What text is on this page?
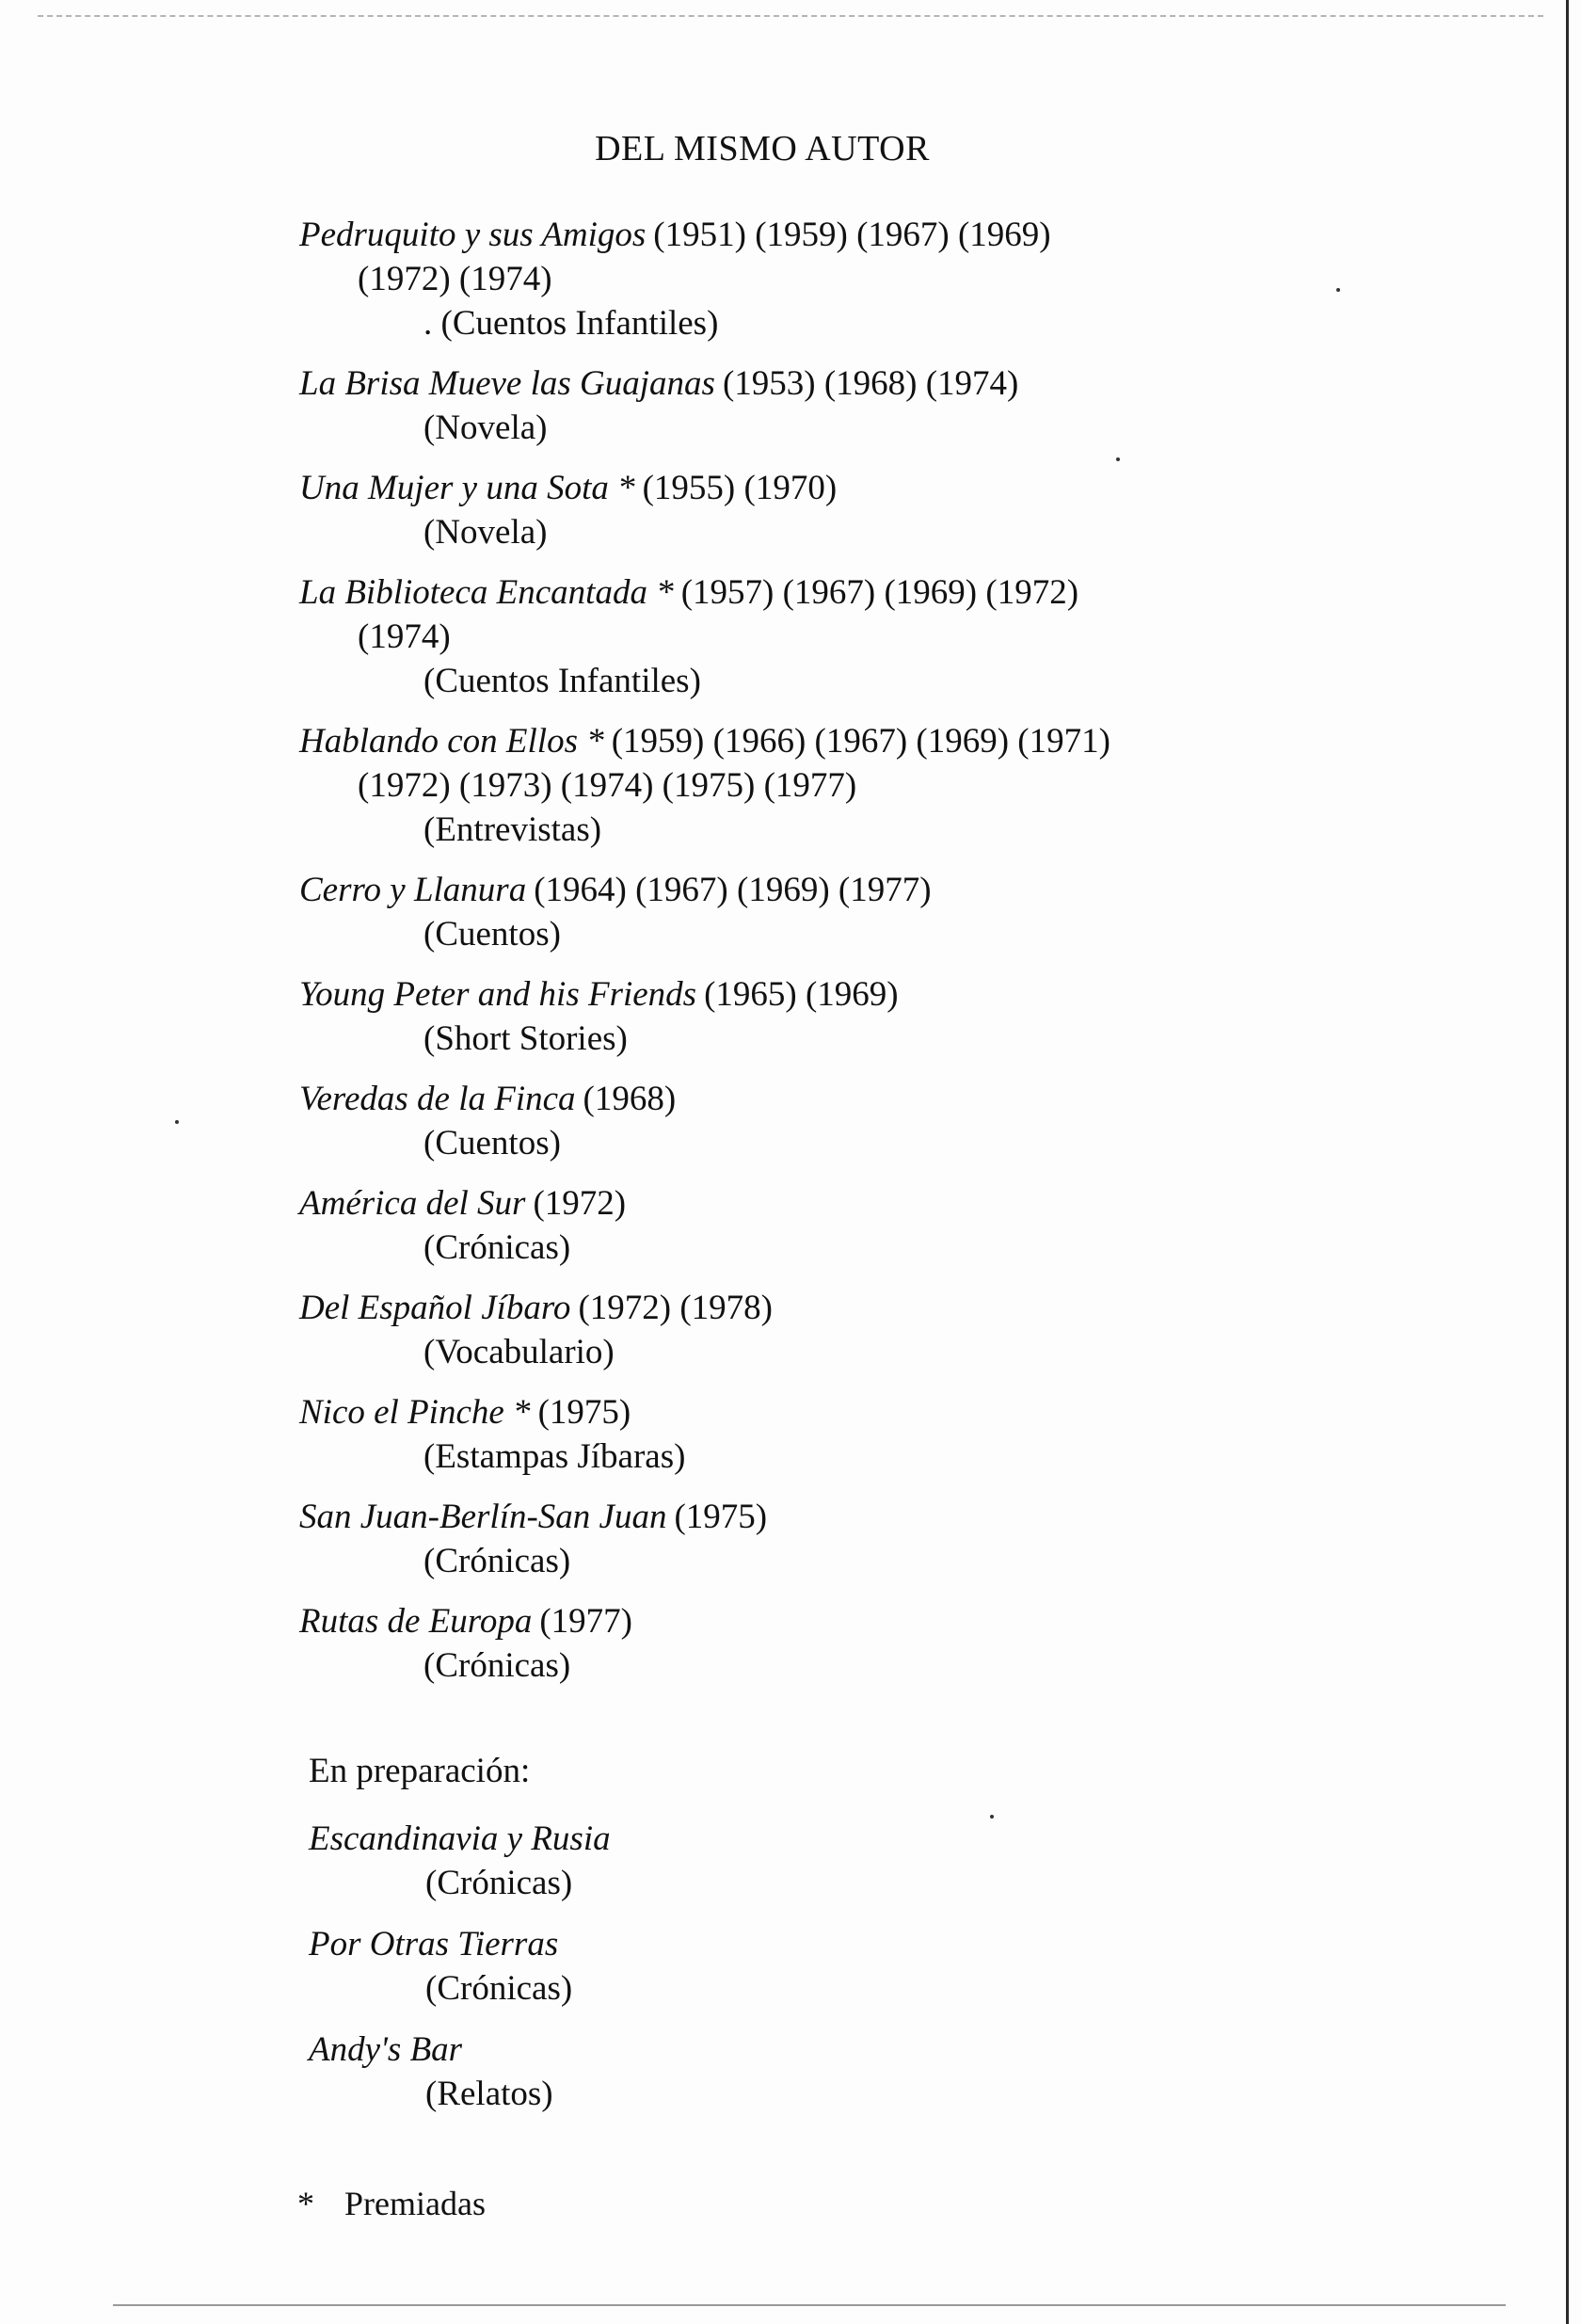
DEL MISMO AUTOR
Pedruquito y sus Amigos (1951) (1959) (1967) (1969)
(1972) (1974)
. (Cuentos Infantiles)
La Brisa Mueve las Guajanas (1953) (1968) (1974)
(Novela)
Una Mujer y una Sota * (1955) (1970)
(Novela)
La Biblioteca Encantada * (1957) (1967) (1969) (1972)
(1974)
(Cuentos Infantiles)
Hablando con Ellos * (1959) (1966) (1967) (1969) (1971)
(1972) (1973) (1974) (1975) (1977)
(Entrevistas)
Cerro y Llanura (1964) (1967) (1969) (1977)
(Cuentos)
Young Peter and his Friends (1965) (1969)
(Short Stories)
Veredas de la Finca (1968)
(Cuentos)
América del Sur (1972)
(Crónicas)
Del Español Jíbaro (1972) (1978)
(Vocabulario)
Nico el Pinche * (1975)
(Estampas Jíbaras)
San Juan-Berlín-San Juan (1975)
(Crónicas)
Rutas de Europa (1977)
(Crónicas)
En preparación:
Escandinavia y Rusia
(Crónicas)
Por Otras Tierras
(Crónicas)
Andy's Bar
(Relatos)
* Premiadas
